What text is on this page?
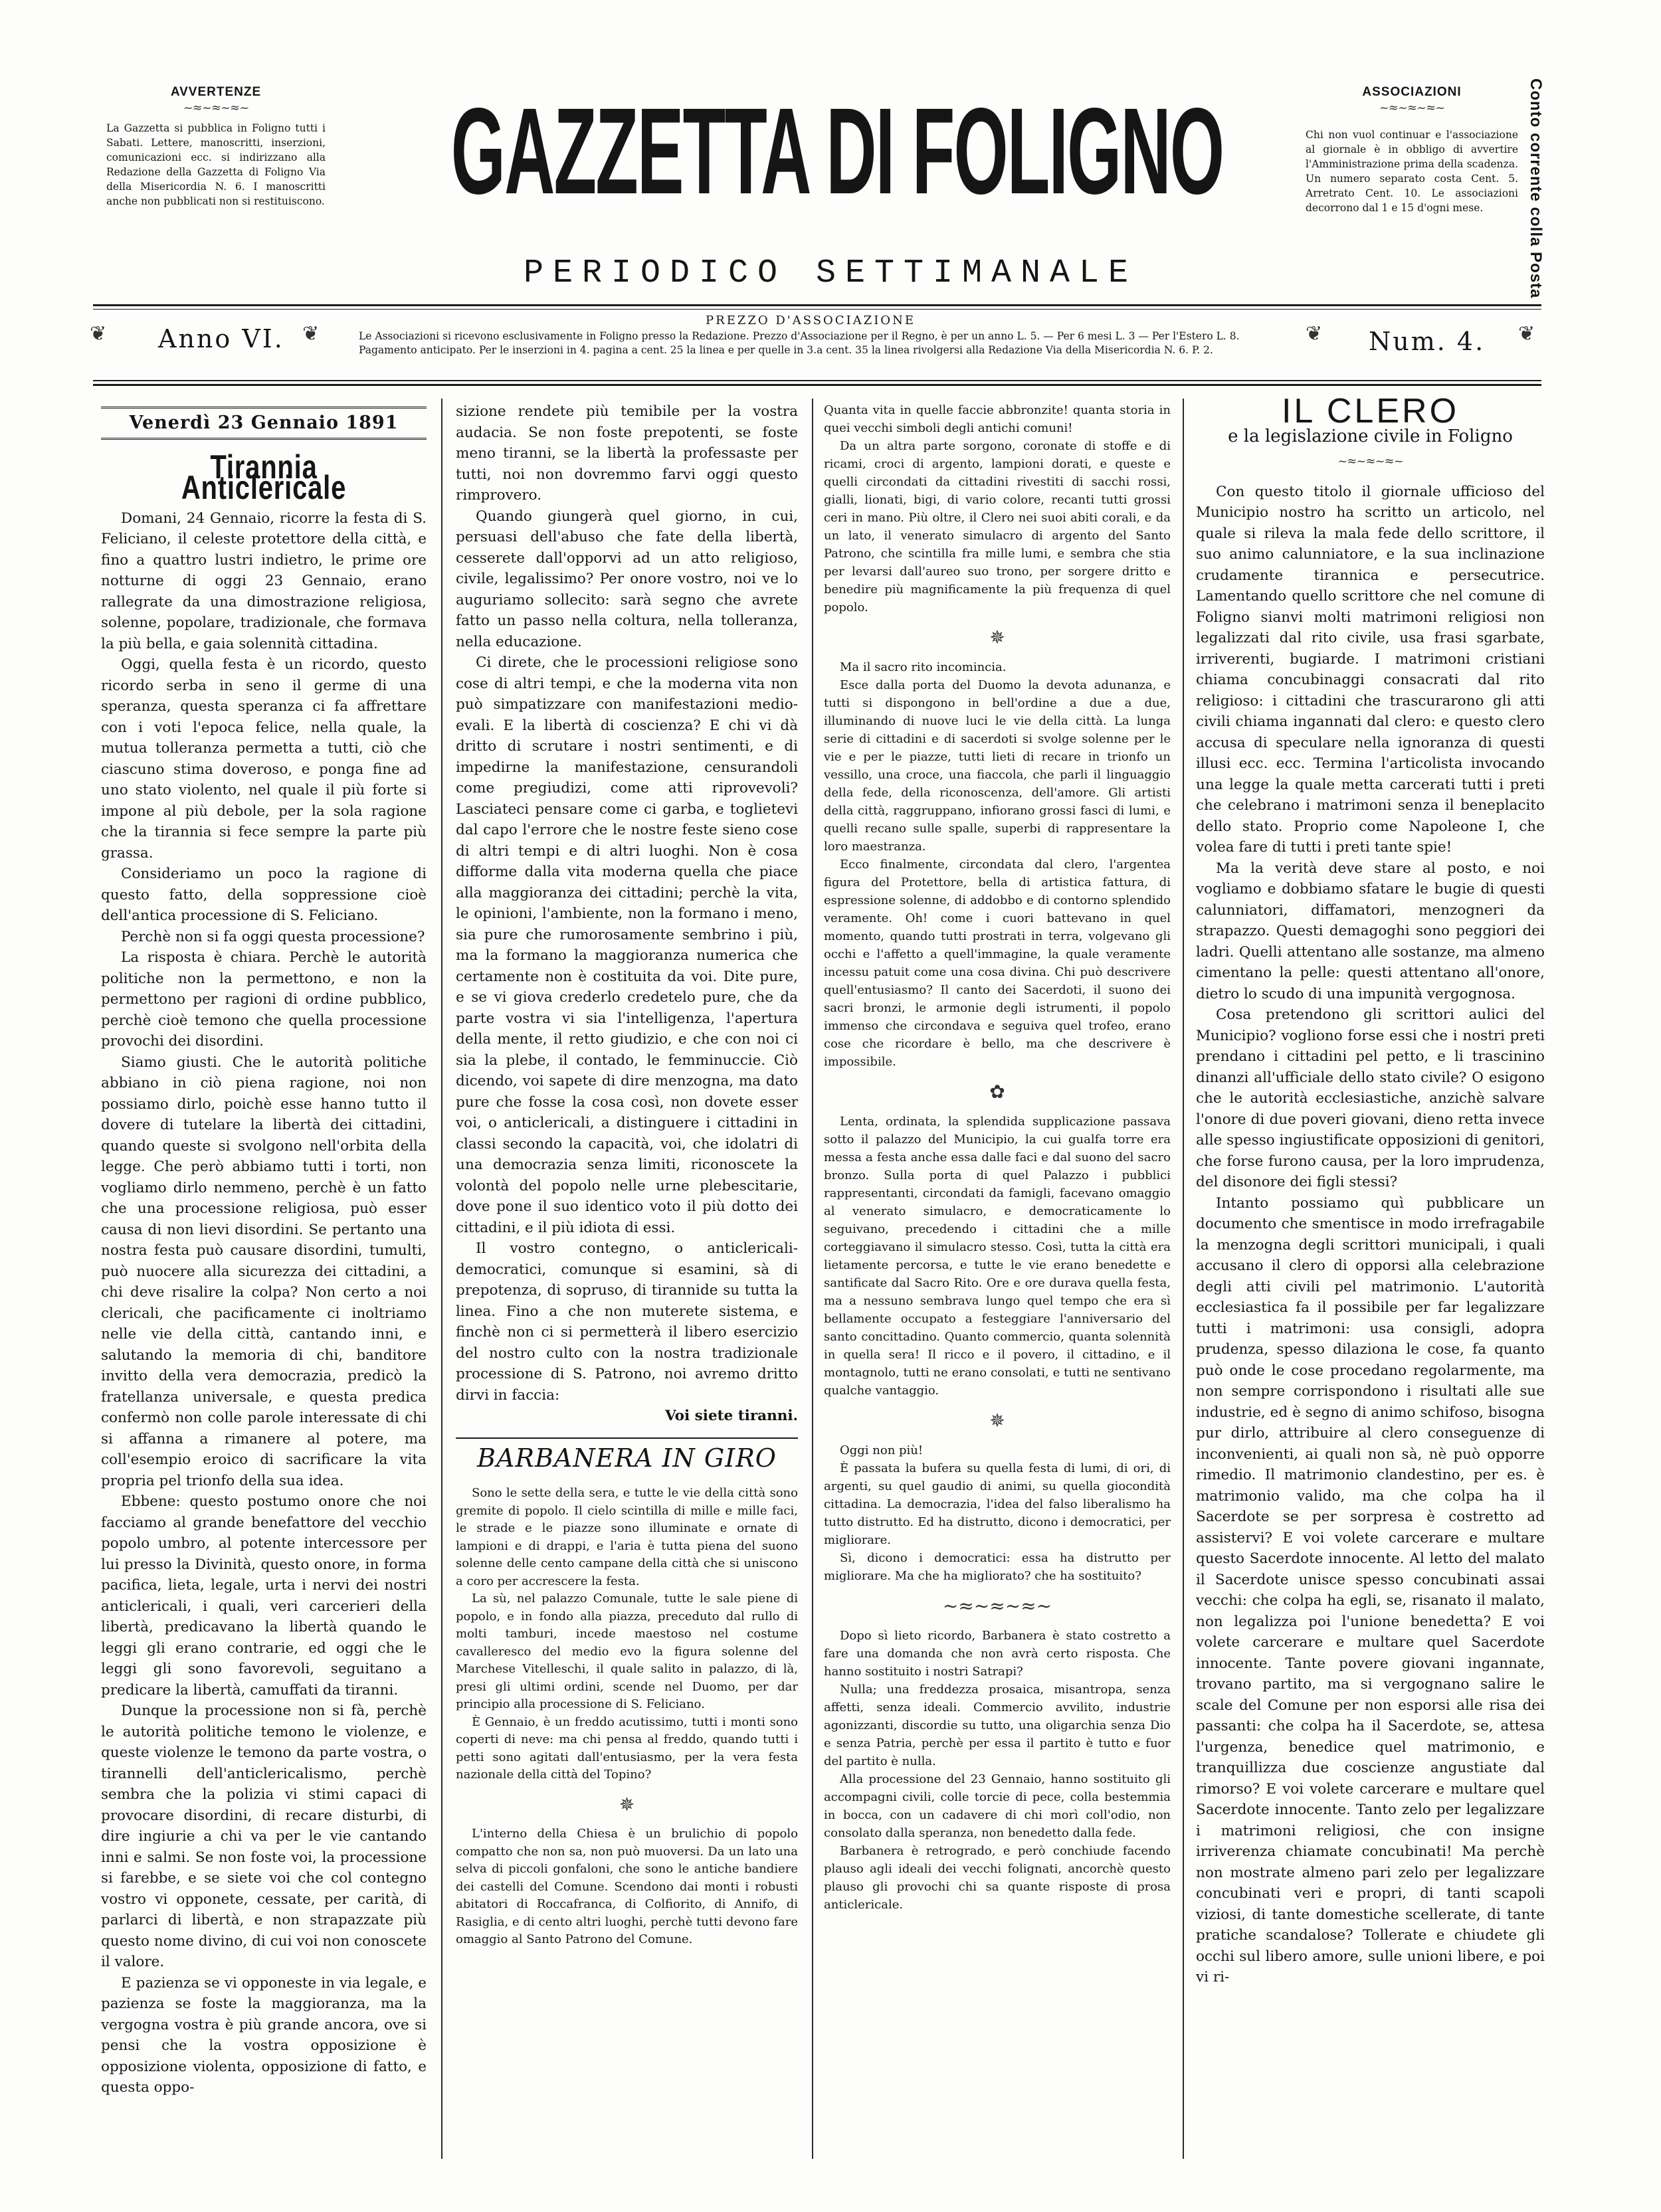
AVVERTENZE
~≈~≈~≈~
La Gazzetta si pubblica in Foligno tutti i Sabati. Lettere, manoscritti, inserzioni, comunicazioni ecc. si indirizzano alla Redazione della Gazzetta di Foligno Via della Misericordia N. 6. I manoscritti anche non pubblicati non si restituiscono.
ASSOCIAZIONI
~≈~≈~≈~
Chi non vuol continuar e l'associazione al giornale è in obbligo di avvertire l'Amministrazione prima della scadenza. Un numero separato costa Cent. 5. Arretrato Cent. 10. Le associazioni decorrono dal 1 e 15 d'ogni mese.	Conto corrente colla Posta
GAZZETTA DI FOLIGNO
PERIODICO SETTIMANALE
❦ Anno VI. ❦
PREZZO D'ASSOCIAZIONE
Le Associazioni si ricevono esclusivamente in Foligno presso la Redazione. Prezzo d'Associazione per il Regno, è per un anno L. 5. — Per 6 mesi L. 3 — Per l'Estero L. 8. Pagamento anticipato. Per le inserzioni in 4. pagina a cent. 25 la linea e per quelle in 3.a cent. 35 la linea rivolgersi alla Redazione Via della Misericordia N. 6. P. 2.
❦ Num. 4. ❦
Venerdì 23 Gennaio 1891
Tirannia Anticlericale

Domani, 24 Gennaio, ricorre la festa di S. Feliciano, il celeste protettore della città, e fino a quattro lustri indietro, le prime ore notturne di oggi 23 Gennaio, erano rallegrate da una dimostrazione religiosa, solenne, popolare, tradizionale, che formava la più bella, e gaia solennità cittadina.

Oggi, quella festa è un ricordo, questo ricordo serba in seno il germe di una speranza, questa speranza ci fa affrettare con i voti l'epoca felice, nella quale, la mutua tolleranza permetta a tutti, ciò che ciascuno stima doveroso, e ponga fine ad uno stato violento, nel quale il più forte si impone al più debole, per la sola ragione che la tirannia si fece sempre la parte più grassa.

Consideriamo un poco la ragione di questo fatto, della soppressione cioè dell'antica processione di S. Feliciano.

Perchè non si fa oggi questa processione?

La risposta è chiara. Perchè le autorità politiche non la permettono, e non la permettono per ragioni di ordine pubblico, perchè cioè temono che quella processione provochi dei disordini.

Siamo giusti. Che le autorità politiche abbiano in ciò piena ragione, noi non possiamo dirlo, poichè esse hanno tutto il dovere di tutelare la libertà dei cittadini, quando queste si svolgono nell'orbita della legge. Che però abbiamo tutti i torti, non vogliamo dirlo nemmeno, perchè è un fatto che una processione religiosa, può esser causa di non lievi disordini. Se pertanto una nostra festa può causare disordini, tumulti, può nuocere alla sicurezza dei cittadini, a chi deve risalire la colpa? Non certo a noi clericali, che pacificamente ci inoltriamo nelle vie della città, cantando inni, e salutando la memoria di chi, banditore invitto della vera democrazia, predicò la fratellanza universale, e questa predica confermò non colle parole interessate di chi si affanna a rimanere al potere, ma coll'esempio eroico di sacrificare la vita propria pel trionfo della sua idea.

Ebbene: questo postumo onore che noi facciamo al grande benefattore del vecchio popolo umbro, al potente intercessore per lui presso la Divinità, questo onore, in forma pacifica, lieta, legale, urta i nervi dei nostri anticlericali, i quali, veri carcerieri della libertà, predicavano la libertà quando le leggi gli erano contrarie, ed oggi che le leggi gli sono favorevoli, seguitano a predicare la libertà, camuffati da tiranni.

Dunque la processione non si fà, perchè le autorità politiche temono le violenze, e queste violenze le temono da parte vostra, o tirannelli dell'anticlericalismo, perchè sembra che la polizia vi stimi capaci di provocare disordini, di recare disturbi, di dire ingiurie a chi va per le vie cantando inni e salmi. Se non foste voi, la processione si farebbe, e se siete voi che col contegno vostro vi opponete, cessate, per carità, di parlarci di libertà, e non strapazzate più questo nome divino, di cui voi non conoscete il valore.

E pazienza se vi opponeste in via legale, e pazienza se foste la maggioranza, ma la vergogna vostra è più grande ancora, ove si pensi che la vostra opposizione è opposizione violenta, opposizione di fatto, e questa oppo-

sizione rendete più temibile per la vostra audacia. Se non foste prepotenti, se foste meno tiranni, se la libertà la professaste per tutti, noi non dovremmo farvi oggi questo rimprovero.

Quando giungerà quel giorno, in cui, persuasi dell'abuso che fate della libertà, cesserete dall'opporvi ad un atto religioso, civile, legalissimo? Per onore vostro, noi ve lo auguriamo sollecito: sarà segno che avrete fatto un passo nella coltura, nella tolleranza, nella educazione.

Ci direte, che le processioni religiose sono cose di altri tempi, e che la moderna vita non può simpatizzare con manifestazioni medio-evali. E la libertà di coscienza? E chi vi dà dritto di scrutare i nostri sentimenti, e di impedirne la manifestazione, censurandoli come pregiudizi, come atti riprovevoli? Lasciateci pensare come ci garba, e toglietevi dal capo l'errore che le nostre feste sieno cose di altri tempi e di altri luoghi. Non è cosa difforme dalla vita moderna quella che piace alla maggioranza dei cittadini; perchè la vita, le opinioni, l'ambiente, non la formano i meno, sia pure che rumorosamente sembrino i più, ma la formano la maggioranza numerica che certamente non è costituita da voi. Dite pure, e se vi giova crederlo credetelo pure, che da parte vostra vi sia l'intelligenza, l'apertura della mente, il retto giudizio, e che con noi ci sia la plebe, il contado, le femminuccie. Ciò dicendo, voi sapete di dire menzogna, ma dato pure che fosse la cosa così, non dovete esser voi, o anticlericali, a distinguere i cittadini in classi secondo la capacità, voi, che idolatri di una democrazia senza limiti, riconoscete la volontà del popolo nelle urne plebescitarie, dove pone il suo identico voto il più dotto dei cittadini, e il più idiota di essi.

Il vostro contegno, o anticlericali-democratici, comunque si esamini, sà di prepotenza, di sopruso, di tirannide su tutta la linea. Fino a che non muterete sistema, e finchè non ci si permetterà il libero esercizio del nostro culto con la nostra tradizionale processione di S. Patrono, noi avremo dritto dirvi in faccia:

Voi siete tiranni.
BARBANERA IN GIRO

Sono le sette della sera, e tutte le vie della città sono gremite di popolo. Il cielo scintilla di mille e mille faci, le strade e le piazze sono illuminate e ornate di lampioni e di drappi, e l'aria è tutta piena del suono solenne delle cento campane della città che si uniscono a coro per accrescere la festa.

La sù, nel palazzo Comunale, tutte le sale piene di popolo, e in fondo alla piazza, preceduto dal rullo di molti tamburi, incede maestoso nel costume cavalleresco del medio evo la figura solenne del Marchese Vitelleschi, il quale salito in palazzo, di là, presi gli ultimi ordini, scende nel Duomo, per dar principio alla processione di S. Feliciano.

È Gennaio, è un freddo acutissimo, tutti i monti sono coperti di neve: ma chi pensa al freddo, quando tutti i petti sono agitati dall'entusiasmo, per la vera festa nazionale della città del Topino?

✵

L'interno della Chiesa è un brulichio di popolo compatto che non sa, non può muoversi. Da un lato una selva di piccoli gonfaloni, che sono le antiche bandiere dei castelli del Comune. Scendono dai monti i robusti abitatori di Roccafranca, di Colfiorito, di Annifo, di Rasiglia, e di cento altri luoghi, perchè tutti devono fare omaggio al Santo Patrono del Comune.

Quanta vita in quelle faccie abbronzite! quanta storia in quei vecchi simboli degli antichi comuni!

Da un altra parte sorgono, coronate di stoffe e di ricami, croci di argento, lampioni dorati, e queste e quelli circondati da cittadini rivestiti di sacchi rossi, gialli, lionati, bigi, di vario colore, recanti tutti grossi ceri in mano. Più oltre, il Clero nei suoi abiti corali, e da un lato, il venerato simulacro di argento del Santo Patrono, che scintilla fra mille lumi, e sembra che stia per levarsi dall'aureo suo trono, per sorgere dritto e benedire più magnificamente la più frequenza di quel popolo.

✵

Ma il sacro rito incomincia.

Esce dalla porta del Duomo la devota adunanza, e tutti si dispongono in bell'ordine a due a due, illuminando di nuove luci le vie della città. La lunga serie di cittadini e di sacerdoti si svolge solenne per le vie e per le piazze, tutti lieti di recare in trionfo un vessillo, una croce, una fiaccola, che parli il linguaggio della fede, della riconoscenza, dell'amore. Gli artisti della città, raggruppano, infiorano grossi fasci di lumi, e quelli recano sulle spalle, superbi di rappresentare la loro maestranza.

Ecco finalmente, circondata dal clero, l'argentea figura del Protettore, bella di artistica fattura, di espressione solenne, di addobbo e di contorno splendido veramente. Oh! come i cuori battevano in quel momento, quando tutti prostrati in terra, volgevano gli occhi e l'affetto a quell'immagine, la quale veramente incessu patuit come una cosa divina. Chi può descrivere quell'entusiasmo? Il canto dei Sacerdoti, il suono dei sacri bronzi, le armonie degli istrumenti, il popolo immenso che circondava e seguiva quel trofeo, erano cose che ricordare è bello, ma che descrivere è impossibile.

✿

Lenta, ordinata, la splendida supplicazione passava sotto il palazzo del Municipio, la cui gualfa torre era messa a festa anche essa dalle faci e dal suono del sacro bronzo. Sulla porta di quel Palazzo i pubblici rappresentanti, circondati da famigli, facevano omaggio al venerato simulacro, e democraticamente lo seguivano, precedendo i cittadini che a mille corteggiavano il simulacro stesso. Così, tutta la città era lietamente percorsa, e tutte le vie erano benedette e santificate dal Sacro Rito. Ore e ore durava quella festa, ma a nessuno sembrava lungo quel tempo che era sì bellamente occupato a festeggiare l'anniversario del santo concittadino. Quanto commercio, quanta solennità in quella sera! Il ricco e il povero, il cittadino, e il montagnolo, tutti ne erano consolati, e tutti ne sentivano qualche vantaggio.

✵

Oggi non più!

È passata la bufera su quella festa di lumi, di ori, di argenti, su quel gaudio di animi, su quella giocondità cittadina. La democrazia, l'idea del falso liberalismo ha tutto distrutto. Ed ha distrutto, dicono i democratici, per migliorare.

Sì, dicono i democratici: essa ha distrutto per migliorare. Ma che ha migliorato? che ha sostituito?

~≈~≈~≈~

Dopo sì lieto ricordo, Barbanera è stato costretto a fare una domanda che non avrà certo risposta. Che hanno sostituito i nostri Satrapi?

Nulla; una freddezza prosaica, misantropa, senza affetti, senza ideali. Commercio avvilito, industrie agonizzanti, discordie su tutto, una oligarchia senza Dio e senza Patria, perchè per essa il partito è tutto e fuor del partito è nulla.

Alla processione del 23 Gennaio, hanno sostituito gli accompagni civili, colle torcie di pece, colla bestemmia in bocca, con un cadavere di chi morì coll'odio, non consolato dalla speranza, non benedetto dalla fede.

Barbanera è retrogrado, e però conchiude facendo plauso agli ideali dei vecchi folignati, ancorchè questo plauso gli provochi chi sa quante risposte di prosa anticlericale.

IL CLERO
e la legislazione civile in Foligno
~≈~≈~≈~

Con questo titolo il giornale ufficioso del Municipio nostro ha scritto un articolo, nel quale si rileva la mala fede dello scrittore, il suo animo calunniatore, e la sua inclinazione crudamente tirannica e persecutrice. Lamentando quello scrittore che nel comune di Foligno sianvi molti matrimoni religiosi non legalizzati dal rito civile, usa frasi sgarbate, irriverenti, bugiarde. I matrimoni cristiani chiama concubinaggi consacrati dal rito religioso: i cittadini che trascurarono gli atti civili chiama ingannati dal clero: e questo clero accusa di speculare nella ignoranza di questi illusi ecc. ecc. Termina l'articolista invocando una legge la quale metta carcerati tutti i preti che celebrano i matrimoni senza il beneplacito dello stato. Proprio come Napoleone I, che volea fare di tutti i preti tante spie!

Ma la verità deve stare al posto, e noi vogliamo e dobbiamo sfatare le bugie di questi calunniatori, diffamatori, menzogneri da strapazzo. Questi demagoghi sono peggiori dei ladri. Quelli attentano alle sostanze, ma almeno cimentano la pelle: questi attentano all'onore, dietro lo scudo di una impunità vergognosa.

Cosa pretendono gli scrittori aulici del Municipio? vogliono forse essi che i nostri preti prendano i cittadini pel petto, e li trascinino dinanzi all'ufficiale dello stato civile? O esigono che le autorità ecclesiastiche, anzichè salvare l'onore di due poveri giovani, dieno retta invece alle spesso ingiustificate opposizioni di genitori, che forse furono causa, per la loro imprudenza, del disonore dei figli stessi?

Intanto possiamo quì pubblicare un documento che smentisce in modo irrefragabile la menzogna degli scrittori municipali, i quali accusano il clero di opporsi alla celebrazione degli atti civili pel matrimonio. L'autorità ecclesiastica fa il possibile per far legalizzare tutti i matrimoni: usa consigli, adopra prudenza, spesso dilaziona le cose, fa quanto può onde le cose procedano regolarmente, ma non sempre corrispondono i risultati alle sue industrie, ed è segno di animo schifoso, bisogna pur dirlo, attribuire al clero conseguenze di inconvenienti, ai quali non sà, nè può opporre rimedio. Il matrimonio clandestino, per es. è matrimonio valido, ma che colpa ha il Sacerdote se per sorpresa è costretto ad assistervi? E voi volete carcerare e multare questo Sacerdote innocente. Al letto del malato il Sacerdote unisce spesso concubinati assai vecchi: che colpa ha egli, se, risanato il malato, non legalizza poi l'unione benedetta? E voi volete carcerare e multare quel Sacerdote innocente. Tante povere giovani ingannate, trovano partito, ma si vergognano salire le scale del Comune per non esporsi alle risa dei passanti: che colpa ha il Sacerdote, se, attesa l'urgenza, benedice quel matrimonio, e tranquillizza due coscienze angustiate dal rimorso? E voi volete carcerare e multare quel Sacerdote innocente. Tanto zelo per legalizzare i matrimoni religiosi, che con insigne irriverenza chiamate concubinati! Ma perchè non mostrate almeno pari zelo per legalizzare concubinati veri e propri, di tanti scapoli viziosi, di tante domestiche scellerate, di tante pratiche scandalose? Tollerate e chiudete gli occhi sul libero amore, sulle unioni libere, e poi vi ri-
